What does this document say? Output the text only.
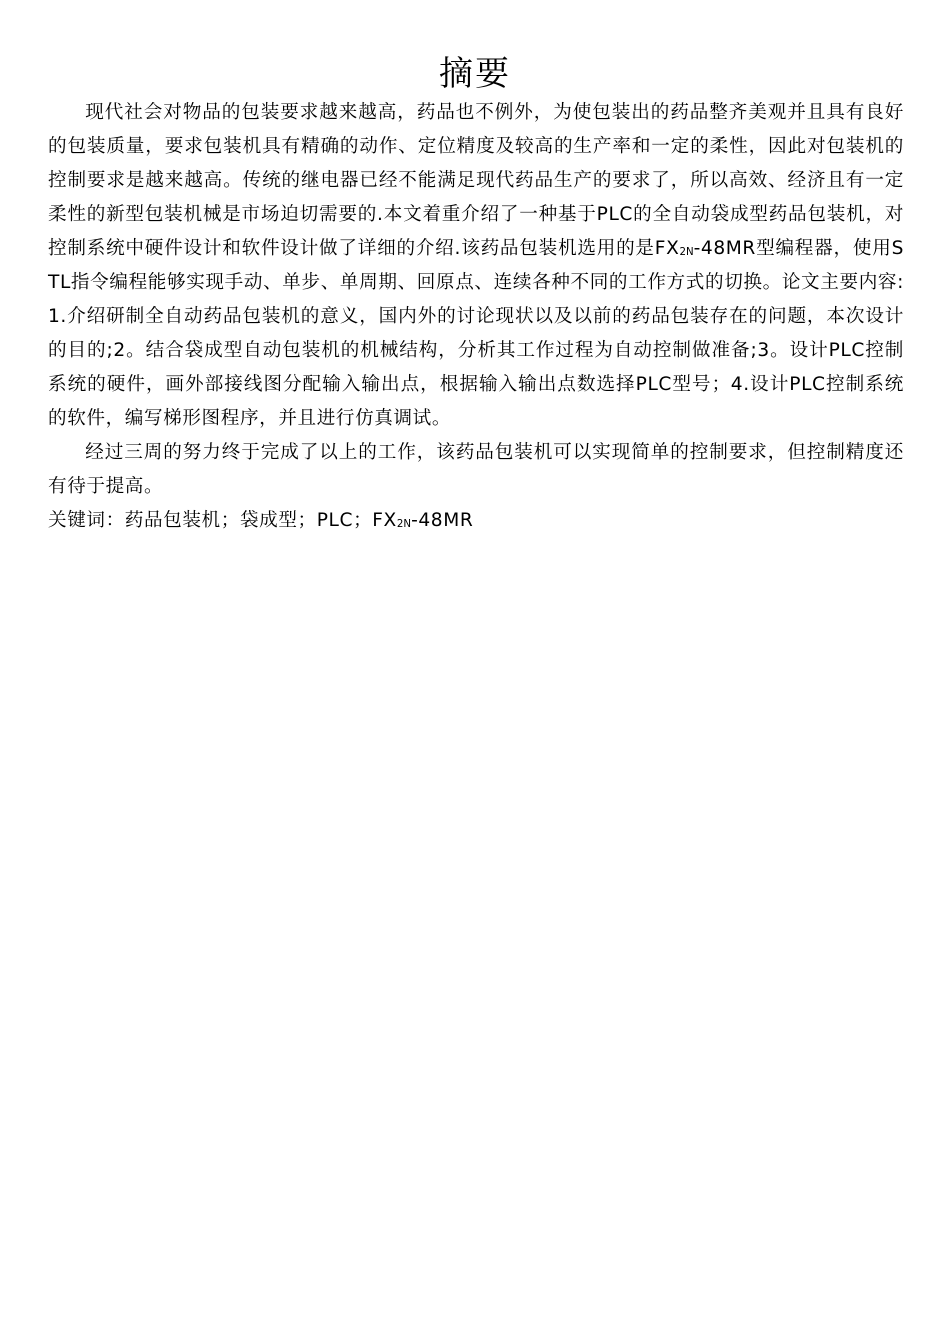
摘要

现代社会对物品的包装要求越来越高，药品也不例外，为使包装出的药品整齐美观并且具有良好的包装质量，要求包装机具有精确的动作、定位精度及较高的生产率和一定的柔性，因此对包装机的控制要求是越来越高。传统的继电器已经不能满足现代药品生产的要求了，所以高效、经济且有一定柔性的新型包装机械是市场迫切需要的.本文着重介绍了一种基于PLC的全自动袋成型药品包装机，对控制系统中硬件设计和软件设计做了详细的介绍.该药品包装机选用的是$FX_{2N}-48MR$型编程器，使用STL指令编程能够实现手动、单步、单周期、回原点、连续各种不同的工作方式的切换。论文主要内容:1.介绍研制全自动药品包装机的意义，国内外的讨论现状以及以前的药品包装存在的问题，本次设计的目的;2。结合袋成型自动包装机的机械结构，分析其工作过程为自动控制做准备;3。设计PLC控制系统的硬件，画外部接线图分配输入输出点，根据输入输出点数选择PLC型号；4.设计PLC控制系统的软件，编写梯形图程序，并且进行仿真调试。

经过三周的努力终于完成了以上的工作，该药品包装机可以实现简单的控制要求，但控制精度还有待于提高。

关键词：药品包装机；袋成型；PLC；$FX_{2N}-48MR$
